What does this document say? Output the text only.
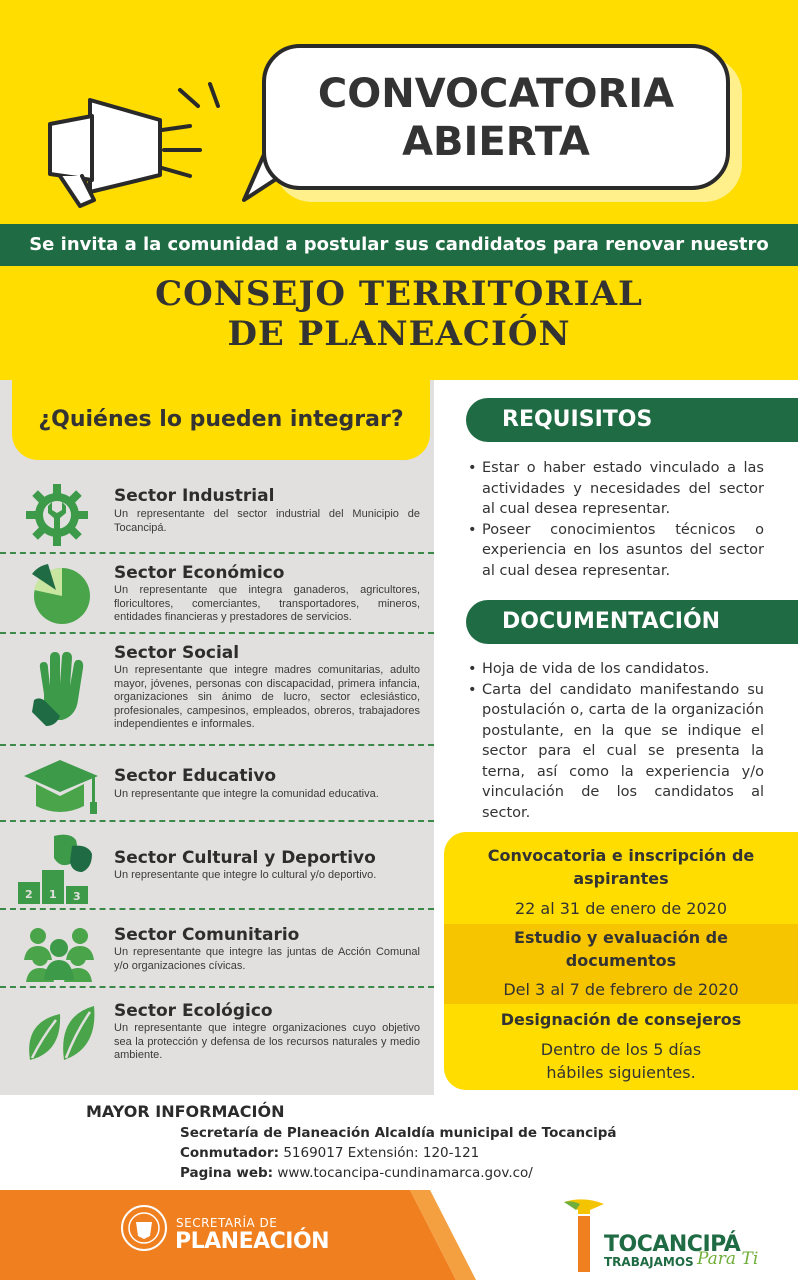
CONVOCATORIA
ABIERTA
Se invita a la comunidad a postular sus candidatos para renovar nuestro
CONSEJO TERRITORIAL
DE PLANEACIÓN
¿Quiénes lo pueden integrar?
Sector Industrial
Un representante del sector industrial del Municipio de Tocancipá.
Sector Económico
Un representante que integra ganaderos, agricultores, floricultores, comerciantes, transportadores, mineros, entidades financieras y prestadores de servicios.
Sector Social
Un representante que integre madres comunitarias, adulto mayor, jóvenes, personas con discapacidad, primera infancia, organizaciones sin ánimo de lucro, sector eclesiástico, profesionales, campesinos, empleados, obreros, trabajadores independientes e informales.
Sector Educativo
Un representante que integre la comunidad educativa.
2 1 3
Sector Cultural y Deportivo
Un representante que integre lo cultural y/o deportivo.
Sector Comunitario
Un representante que integre las juntas de Acción Comunal y/o organizaciones cívicas.
Sector Ecológico
Un representante que integre organizaciones cuyo objetivo sea la protección y defensa de los recursos naturales y medio ambiente.
REQUISITOS
• Estar o haber estado vinculado a las actividades y necesidades del sector al cual desea representar.
• Poseer conocimientos técnicos o experiencia en los asuntos del sector al cual desea representar.
DOCUMENTACIÓN
• Hoja de vida de los candidatos.
• Carta del candidato manifestando su postulación o, carta de la organización postulante, en la que se indique el sector para el cual se presenta la terna, así como la experiencia y/o vinculación de los candidatos al sector.
Convocatoria e inscripción de aspirantes
22 al 31 de enero de 2020
Estudio y evaluación de documentos
Del 3 al 7 de febrero de 2020
Designación de consejeros
Dentro de los 5 días hábiles siguientes.
MAYOR INFORMACIÓN
Secretaría de Planeación Alcaldía municipal de Tocancipá
Conmutador: 5169017 Extensión: 120-121
Pagina web: www.tocancipa-cundinamarca.gov.co/
SECRETARÍA DE
PLANEACIÓN	TOCANCIPÁ
TRABAJAMOS Para Ti
